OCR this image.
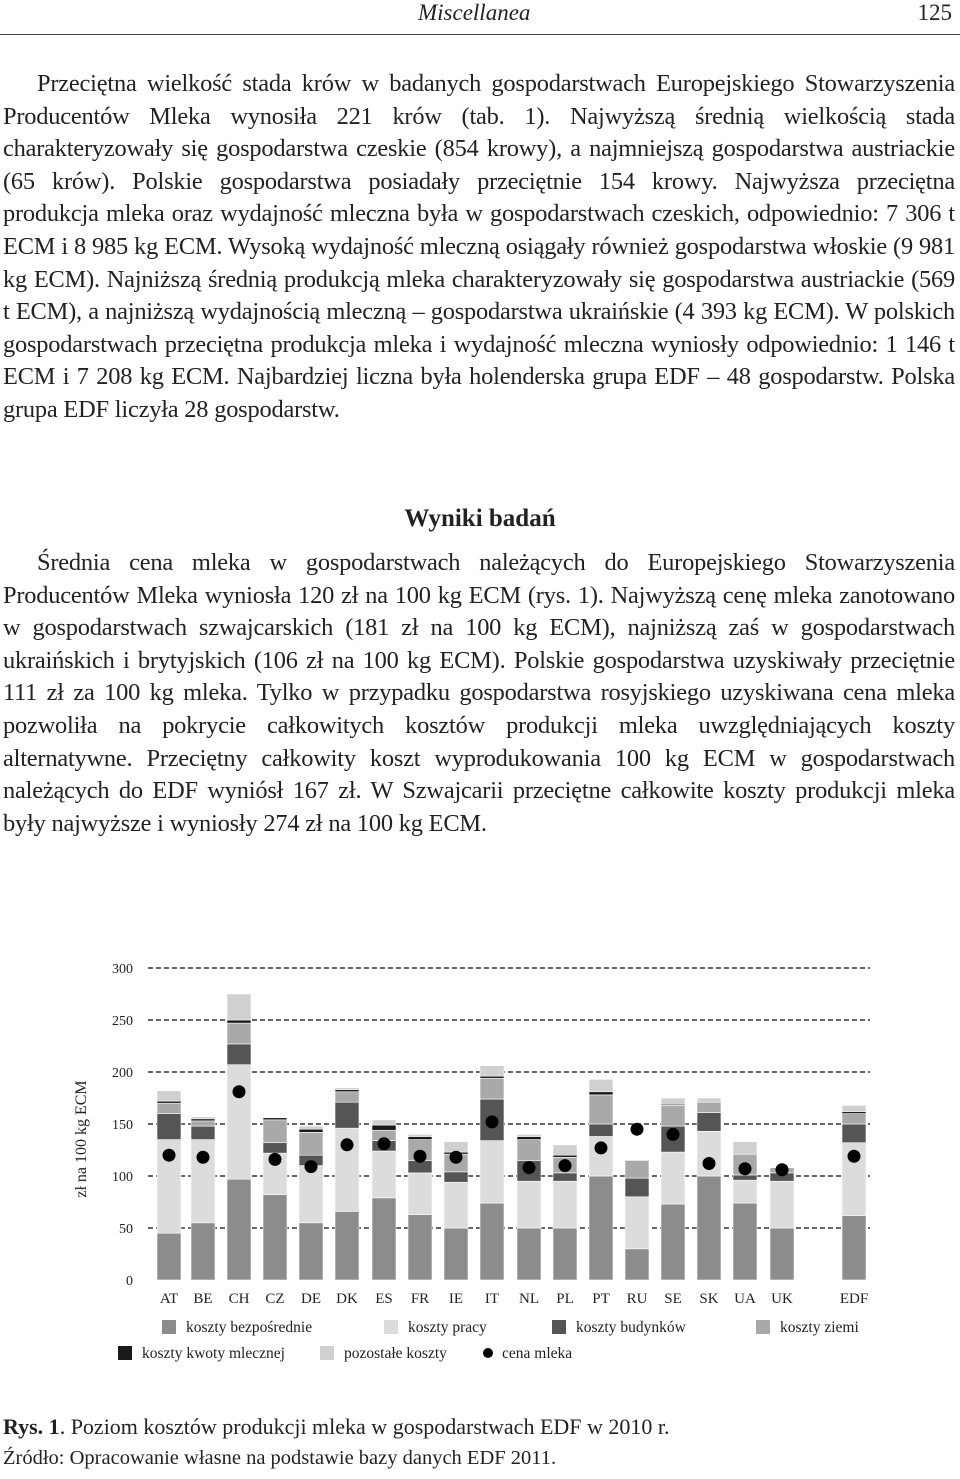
Miscellanea	125

Przeciętna wielkość stada krów w badanych gospodarstwach Europejskiego Stowarzyszenia Producentów Mleka wynosiła 221 krów (tab. 1). Najwyższą średnią wielkością stada charakteryzowały się gospodarstwa czeskie (854 krowy), a najmniejszą gospodarstwa austriackie (65 krów). Polskie gospodarstwa posiadały przeciętnie 154 krowy. Najwyższa przeciętna produkcja mleka oraz wydajność mleczna była w gospodarstwach czeskich, odpowiednio: 7 306 t ECM i 8 985 kg ECM. Wysoką wydajność mleczną osiągały również gospodarstwa włoskie (9 981 kg ECM). Najniższą średnią produkcją mleka charakteryzowały się gospodarstwa austriackie (569 t ECM), a najniższą wydajnością mleczną – gospodarstwa ukraińskie (4 393 kg ECM). W polskich gospodarstwach przeciętna produkcja mleka i wydajność mleczna wyniosły odpowiednio: 1 146 t ECM i 7 208 kg ECM. Najbardziej liczna była holenderska grupa EDF – 48 gospodarstw. Polska grupa EDF liczyła 28 gospodarstw.

Wyniki badań

Średnia cena mleka w gospodarstwach należących do Europejskiego Stowarzyszenia Producentów Mleka wyniosła 120 zł na 100 kg ECM (rys. 1). Najwyższą cenę mleka zanotowano w gospodarstwach szwajcarskich (181 zł na 100 kg ECM), najniższą zaś w gospodarstwach ukraińskich i brytyjskich (106 zł na 100 kg ECM). Polskie gospodarstwa uzyskiwały przeciętnie 111 zł za 100 kg mleka. Tylko w przypadku gospodarstwa rosyjskiego uzyskiwana cena mleka pozwoliła na pokrycie całkowitych kosztów produkcji mleka uwzględniających koszty alternatywne. Przeciętny całkowity koszt wyprodukowania 100 kg ECM w gospodarstwach należących do EDF wyniósł 167 zł. W Szwajcarii przeciętne całkowite koszty produkcji mleka były najwyższe i wyniosły 274 zł na 100 kg ECM.

0
50
100
150
200
250
300
zł na 100 kg ECM
AT BE CH CZ DE DK ES FR IE IT NL PL PT RU SE SK UA UK	EDF
koszty bezpośrednie	koszty pracy	koszty budynków	koszty ziemi
koszty kwoty mlecznej	pozostałe koszty	cena mleka

Rys. 1. Poziom kosztów produkcji mleka w gospodarstwach EDF w 2010 r.

Źródło: Opracowanie własne na podstawie bazy danych EDF 2011.
